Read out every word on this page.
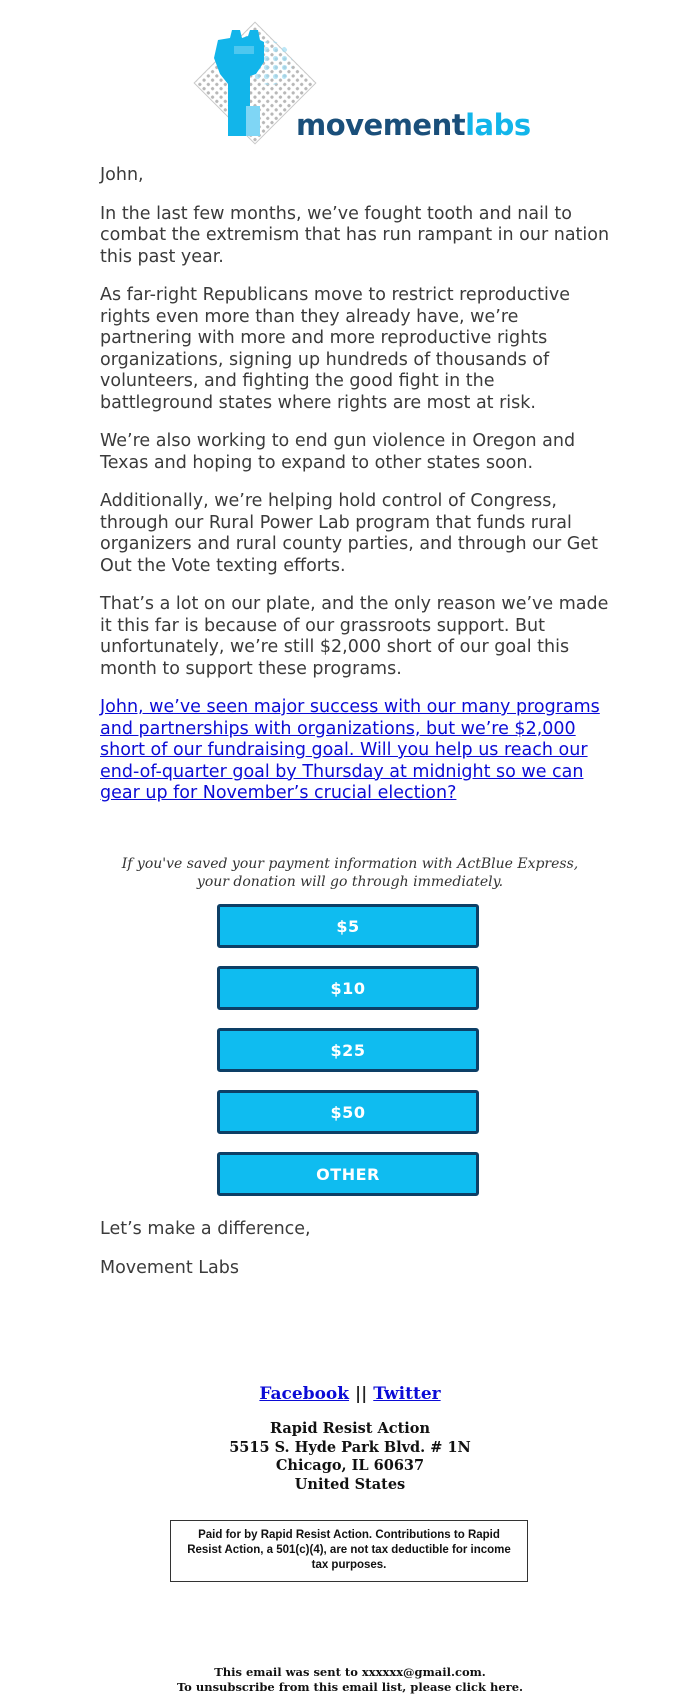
movementlabs

John,

In the last few months, we’ve fought tooth and nail to combat the extremism that has run rampant in our nation this past year.

As far-right Republicans move to restrict reproductive rights even more than they already have, we’re partnering with more and more reproductive rights organizations, signing up hundreds of thousands of volunteers, and fighting the good fight in the battleground states where rights are most at risk.

We’re also working to end gun violence in Oregon and Texas and hoping to expand to other states soon.

Additionally, we’re helping hold control of Congress, through our Rural Power Lab program that funds rural organizers and rural county parties, and through our Get Out the Vote texting efforts.

That’s a lot on our plate, and the only reason we’ve made it this far is because of our grassroots support. But unfortunately, we’re still $2,000 short of our goal this month to support these programs.

John, we’ve seen major success with our many programs and partnerships with organizations, but we’re $2,000 short of our fundraising goal. Will you help us reach our end-of-quarter goal by Thursday at midnight so we can gear up for November’s crucial election?
If you've saved your payment information with ActBlue Express, your donation will go through immediately.
$5
$10
$25
$50
OTHER
Let’s make a difference,
Movement Labs
Facebook || Twitter
Rapid Resist Action
5515 S. Hyde Park Blvd. # 1N
Chicago, IL 60637
United States
Paid for by Rapid Resist Action. Contributions to Rapid Resist Action, a 501(c)(4), are not tax deductible for income tax purposes.
This email was sent to xxxxxx@gmail.com.
To unsubscribe from this email list, please click here.
